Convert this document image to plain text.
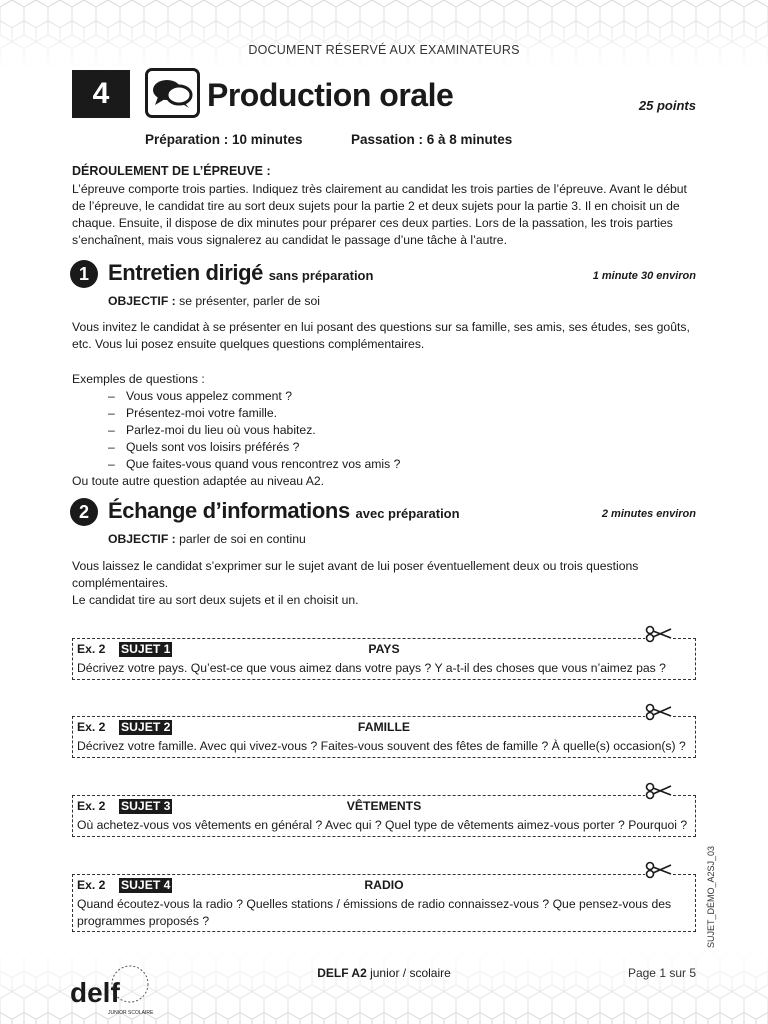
DOCUMENT RÉSERVÉ AUX EXAMINATEURS
4	Production orale	25 points
Préparation : 10 minutes	Passation : 6 à 8 minutes
DÉROULEMENT DE L’ÉPREUVE :
L’épreuve comporte trois parties. Indiquez très clairement au candidat les trois parties de l’épreuve. Avant le début de l’épreuve, le candidat tire au sort deux sujets pour la partie 2 et deux sujets pour la partie 3. Il en choisit un de chaque. Ensuite, il dispose de dix minutes pour préparer ces deux parties. Lors de la passation, les trois parties s’enchaînent, mais vous signalerez au candidat le passage d’une tâche à l’autre.
1 Entretien dirigé sans préparation	1 minute 30 environ
OBJECTIF : se présenter, parler de soi
Vous invitez le candidat à se présenter en lui posant des questions sur sa famille, ses amis, ses études, ses goûts, etc. Vous lui posez ensuite quelques questions complémentaires.
Exemples de questions :
– Vous vous appelez comment ?
– Présentez-moi votre famille.
– Parlez-moi du lieu où vous habitez.
– Quels sont vos loisirs préférés ?
– Que faites-vous quand vous rencontrez vos amis ?
Ou toute autre question adaptée au niveau A2.
2 Échange d’informations avec préparation	2 minutes environ
OBJECTIF : parler de soi en continu
Vous laissez le candidat s’exprimer sur le sujet avant de lui poser éventuellement deux ou trois questions complémentaires.
Le candidat tire au sort deux sujets et il en choisit un.
Ex. 2 SUJET 1	PAYS
Décrivez votre pays. Qu’est-ce que vous aimez dans votre pays ? Y a-t-il des choses que vous n’aimez pas ?
Ex. 2 SUJET 2	FAMILLE
Décrivez votre famille. Avec qui vivez-vous ? Faites-vous souvent des fêtes de famille ? À quelle(s) occasion(s) ?
Ex. 2 SUJET 3	VÊTEMENTS
Où achetez-vous vos vêtements en général ? Avec qui ? Quel type de vêtements aimez-vous porter ? Pourquoi ?
Ex. 2 SUJET 4	RADIO
Quand écoutez-vous la radio ? Quelles stations / émissions de radio connaissez-vous ? Que pensez-vous des programmes proposés ?	SUJET_DÉMO_A2SJ_03
delf
JUNIOR SCOLAIRE
DELF A2 junior / scolaire	Page 1 sur 5
